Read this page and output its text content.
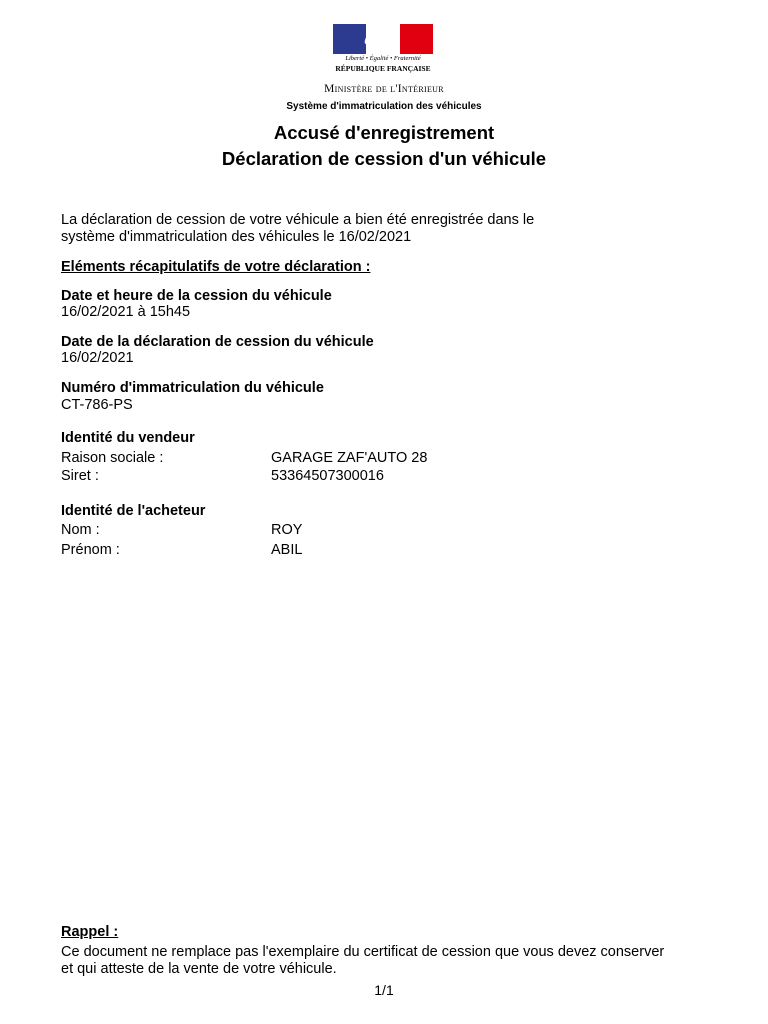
Liberté • Égalité • Fraternité
RÉPUBLIQUE FRANÇAISE
Ministère de l'Intérieur
Système d'immatriculation des véhicules
Accusé d'enregistrement
Déclaration de cession d'un véhicule
La déclaration de cession de votre véhicule a bien été enregistrée dans le
système d'immatriculation des véhicules le 16/02/2021
Eléments récapitulatifs de votre déclaration :
Date et heure de la cession du véhicule
16/02/2021 à 15h45
Date de la déclaration de cession du véhicule
16/02/2021
Numéro d'immatriculation du véhicule
CT-786-PS
Identité du vendeur
Raison sociale :	GARAGE ZAF'AUTO 28
Siret :	53364507300016
Identité de l'acheteur
Nom :	ROY
Prénom :	ABIL
Rappel :
Ce document ne remplace pas l'exemplaire du certificat de cession que vous devez conserver
et qui atteste de la vente de votre véhicule.
1/1
